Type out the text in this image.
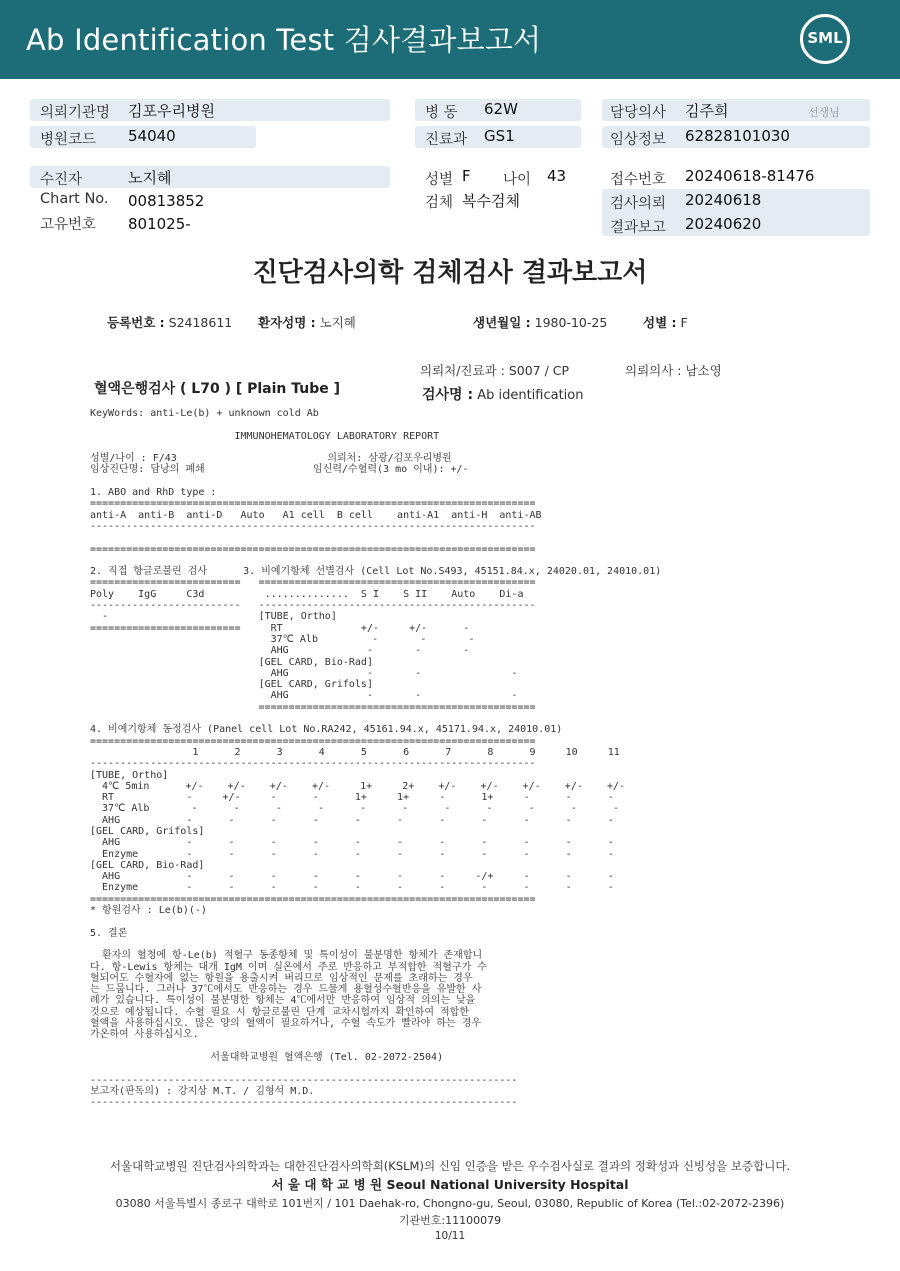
Ab Identification Test 검사결과보고서	SML
의뢰기관명 김포우리병원
병원코드 54040
수진자	노지혜
Chart No. 00813852
고유번호 801025-
병 동 62W
진료과 GS1
성별 F 나이 43
검체 복수검체
담당의사 김주희	선생님
임상정보 62828101030
접수번호 20240618-81476
검사의뢰 20240618
결과보고 20240620
진단검사의학 검체검사 결과보고서
등록번호 : S2418611 환자성명 : 노지혜	생년월일 : 1980-10-25	성별 : F
의뢰처/진료과 : S007 / CP	의뢰의사 : 남소영
혈액은행검사 ( L70 ) [ Plain Tube ]	검사명 : Ab identification
KeyWords: anti-Le(b) + unknown cold Ab

IMMUNOHEMATOLOGY LABORATORY REPORT

성별/나이 : F/43                         의뢰처: 삼광/김포우리병원
임상진단명: 담낭의 폐쇄                  임신력/수혈력(3 mo 이내): +/-

1. ABO and RhD type :
==========================================================================
anti-A  anti-B  anti-D   Auto   A1 cell  B cell    anti-A1  anti-H  anti-AB
--------------------------------------------------------------------------

==========================================================================

2. 직접 항글로불린 검사      3. 비예기항체 선별검사 (Cell Lot No.S493, 45151.84.x, 24020.01, 24010.01)
=========================   ==============================================
Poly    IgG     C3d          ..............  S I    S II    Auto    Di-a
-------------------------   ----------------------------------------------
-                         [TUBE, Ortho]
=========================     RT             +/-     +/-      -
37℃ Alb         -       -       -
AHG             -       -       -
[GEL CARD, Bio-Rad]
AHG             -       -               -
[GEL CARD, Grifols]
AHG             -       -               -
==============================================

4. 비예기항체 동정검사 (Panel cell Lot No.RA242, 45161.94.x, 45171.94.x, 24010.01)
==========================================================================
1      2      3      4      5      6      7      8      9     10     11
--------------------------------------------------------------------------
[TUBE, Ortho]
4℃ 5min      +/-    +/-    +/-    +/-     1+     2+    +/-    +/-    +/-    +/-    +/-
RT            -     +/-     -      -      1+     1+     -      1+     -      -      -
37℃ Alb       -      -      -      -      -      -      -      -      -      -      -
AHG           -      -      -      -      -      -      -      -      -      -      -
[GEL CARD, Grifols]
AHG           -      -      -      -      -      -      -      -      -      -      -
Enzyme        -      -      -      -      -      -      -      -      -      -      -
[GEL CARD, Bio-Rad]
AHG           -      -      -      -      -      -      -     -/+     -      -      -
Enzyme        -      -      -      -      -      -      -      -      -      -      -
==========================================================================
* 항원검사 : Le(b)(-)

5. 결론

환자의 혈청에 항-Le(b) 적혈구 동종항체 및 특이성이 불분명한 항체가 존재합니
다. 항-Lewis 항체는 대개 IgM 이며 실온에서 주로 반응하고 부적합한 적혈구가 수
혈되어도 수혈자에 없는 항원을 용출시켜 버리므로 임상적인 문제를 초래하는 경우
는 드뭅니다. 그러나 37℃에서도 반응하는 경우 드물게 용혈성수혈반응을 유발한 사
례가 있습니다. 특이성이 불분명한 항체는 4℃에서만 반응하여 임상적 의의는 낮을
것으로 예상됩니다. 수혈 필요 시 항글로불린 단계 교차시험까지 확인하여 적합한
혈액을 사용하십시오. 많은 양의 혈액이 필요하거나, 수혈 속도가 빨라야 하는 경우
가온하여 사용하십시오.

서울대학교병원 혈액은행 (Tel. 02-2072-2504)

-----------------------------------------------------------------------
보고자(판독의) : 강지상 M.T. / 김형석 M.D.
-----------------------------------------------------------------------
서울대학교병원 진단검사의학과는 대한진단검사의학회(KSLM)의 신임 인증을 받은 우수검사실로 결과의 정확성과 신빙성을 보증합니다.
서 울 대 학 교 병 원 Seoul National University Hospital
03080 서울특별시 종로구 대학로 101번지 / 101 Daehak-ro, Chongno-gu, Seoul, 03080, Republic of Korea (Tel.:02-2072-2396)
기관번호:11100079
10/11
